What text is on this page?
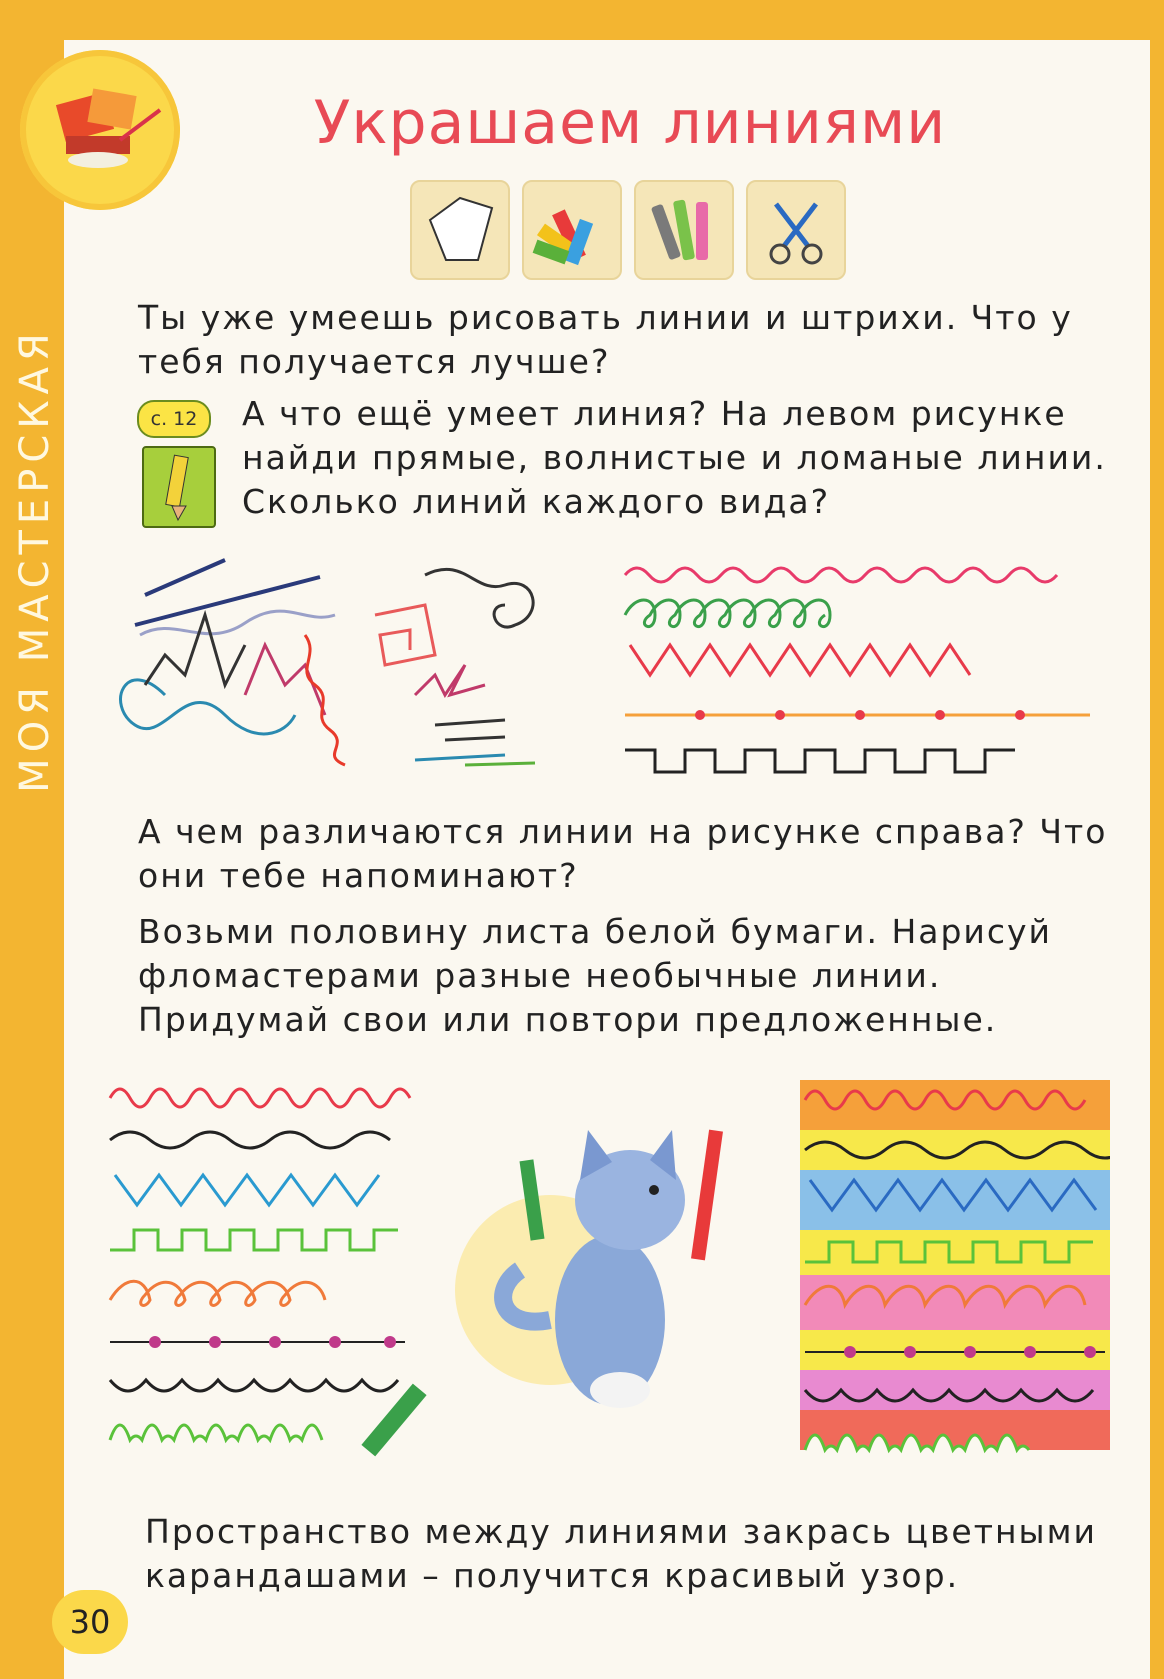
МОЯ МАСТЕРСКАЯ
Украшаем линиями
Ты уже умеешь рисовать линии и штрихи. Что у тебя получается лучше?
с. 12	А что ещё умеет линия? На левом рисунке найди прямые, волнистые и ломаные линии. Сколько линий каждого вида?
А чем различаются линии на рисунке справа? Что они тебе напоминают?
Возьми половину листа белой бумаги. Нарисуй фломастерами разные необычные линии. Придумай свои или повтори предложенные.
Пространство между линиями закрась цветными карандашами – получится красивый узор.
30
